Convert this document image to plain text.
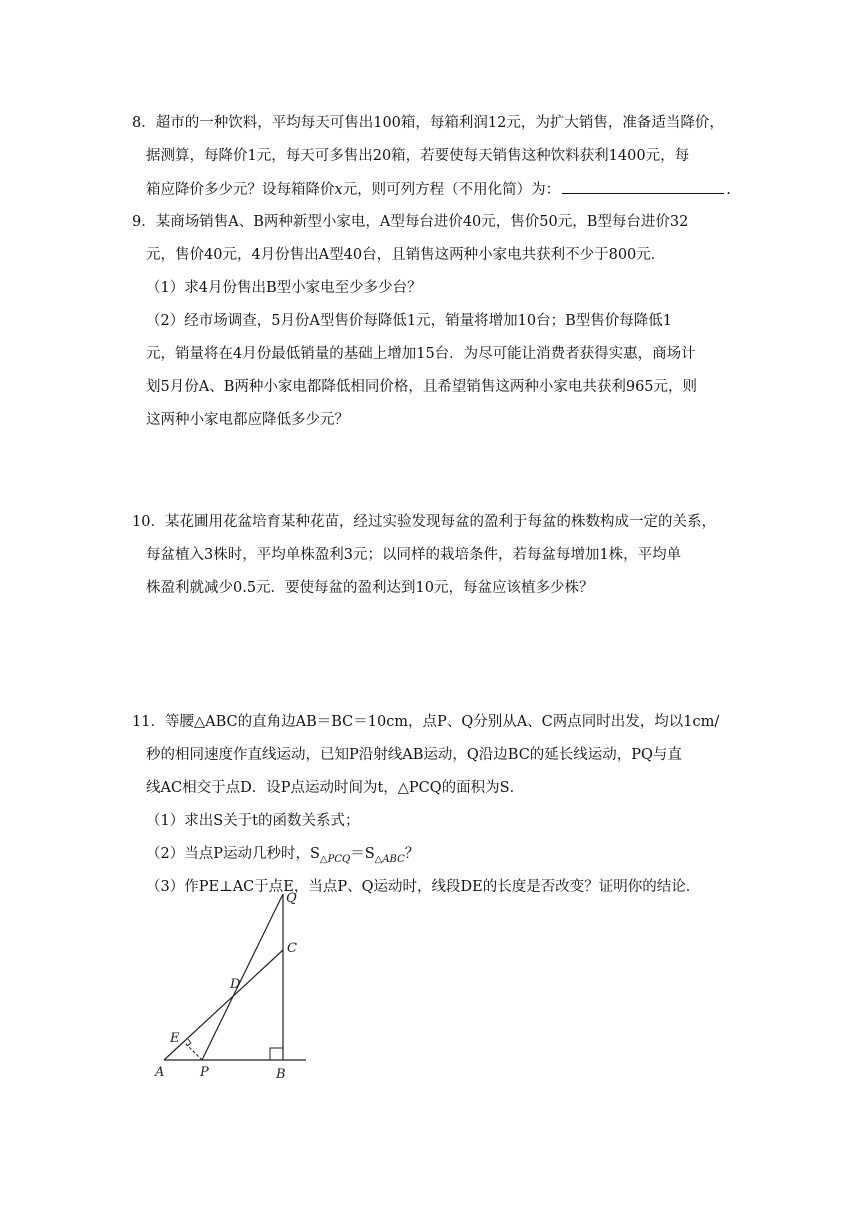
8．超市的一种饮料，平均每天可售出100箱，每箱利润12元，为扩大销售，准备适当降价，
据测算，每降价1元，每天可多售出20箱，若要使每天销售这种饮料获利1400元，每
箱应降价多少元？设每箱降价x元，则可列方程（不用化简）为：	.
9．某商场销售A、B两种新型小家电，A型每台进价40元，售价50元，B型每台进价32
元，售价40元，4月份售出A型40台，且销售这两种小家电共获利不少于800元．
（1）求4月份售出B型小家电至少多少台？
（2）经市场调查，5月份A型售价每降低1元，销量将增加10台；B型售价每降低1
元，销量将在4月份最低销量的基础上增加15台．为尽可能让消费者获得实惠，商场计
划5月份A、B两种小家电都降低相同价格，且希望销售这两种小家电共获利965元，则
这两种小家电都应降低多少元？
10．某花圃用花盆培育某种花苗，经过实验发现每盆的盈利于每盆的株数构成一定的关系，
每盆植入3株时，平均单株盈利3元；以同样的栽培条件，若每盆每增加1株，平均单
株盈利就减少0.5元．要使每盆的盈利达到10元，每盆应该植多少株？
11．等腰△ABC的直角边AB＝BC＝10cm，点P、Q分别从A、C两点同时出发，均以1cm/
秒的相同速度作直线运动，已知P沿射线AB运动，Q沿边BC的延长线运动，PQ与直
线AC相交于点D．设P点运动时间为t，△PCQ的面积为S．
（1）求出S关于t的函数关系式；
（2）当点P运动几秒时，$S_{\triangle PCQ}=S_{\triangle ABC}$？
（3）作PE⊥AC于点E，当点P、Q运动时，线段DE的长度是否改变？证明你的结论．
Q
C
D
E
A	P	B
